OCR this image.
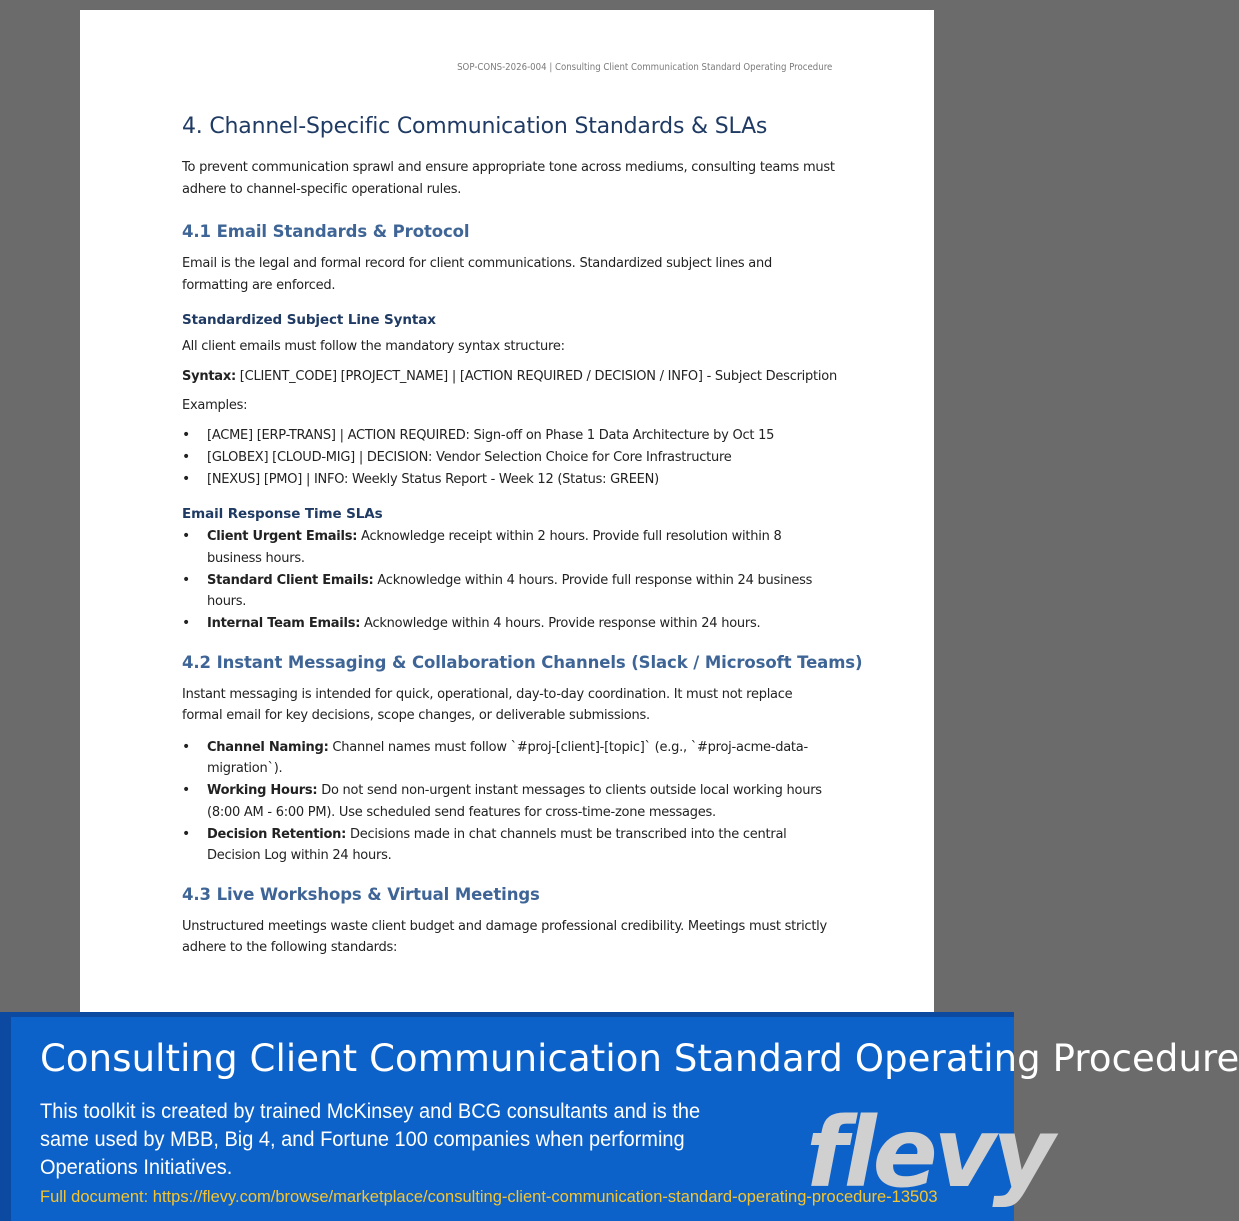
SOP-CONS-2026-004 | Consulting Client Communication Standard Operating Procedure
4. Channel-Specific Communication Standards & SLAs

To prevent communication sprawl and ensure appropriate tone across mediums, consulting teams must adhere to channel-specific operational rules.

4.1 Email Standards & Protocol

Email is the legal and formal record for client communications. Standardized subject lines and formatting are enforced.

Standardized Subject Line Syntax

All client emails must follow the mandatory syntax structure:

Syntax: [CLIENT_CODE] [PROJECT_NAME] | [ACTION REQUIRED / DECISION / INFO] - Subject Description

Examples:

• [ACME] [ERP-TRANS] | ACTION REQUIRED: Sign-off on Phase 1 Data Architecture by Oct 15
• [GLOBEX] [CLOUD-MIG] | DECISION: Vendor Selection Choice for Core Infrastructure
• [NEXUS] [PMO] | INFO: Weekly Status Report - Week 12 (Status: GREEN)
Email Response Time SLAs
• Client Urgent Emails: Acknowledge receipt within 2 hours. Provide full resolution within 8 business hours.
• Standard Client Emails: Acknowledge within 4 hours. Provide full response within 24 business hours.
• Internal Team Emails: Acknowledge within 4 hours. Provide response within 24 hours.
4.2 Instant Messaging & Collaboration Channels (Slack / Microsoft Teams)

Instant messaging is intended for quick, operational, day-to-day coordination. It must not replace formal email for key decisions, scope changes, or deliverable submissions.

• Channel Naming: Channel names must follow `#proj-[client]-[topic]` (e.g., `#proj-acme-data-migration`).
• Working Hours: Do not send non-urgent instant messages to clients outside local working hours (8:00 AM - 6:00 PM). Use scheduled send features for cross-time-zone messages.
• Decision Retention: Decisions made in chat channels must be transcribed into the central Decision Log within 24 hours.
4.3 Live Workshops & Virtual Meetings

Unstructured meetings waste client budget and damage professional credibility. Meetings must strictly adhere to the following standards:

Consulting Client Communication Standard Operating Procedure
This toolkit is created by trained McKinsey and BCG consultants and is the same used by MBB, Big 4, and Fortune 100 companies when performing Operations Initiatives.
Full document: https://flevy.com/browse/marketplace/consulting-client-communication-standard-operating-procedure-13503
flevy
